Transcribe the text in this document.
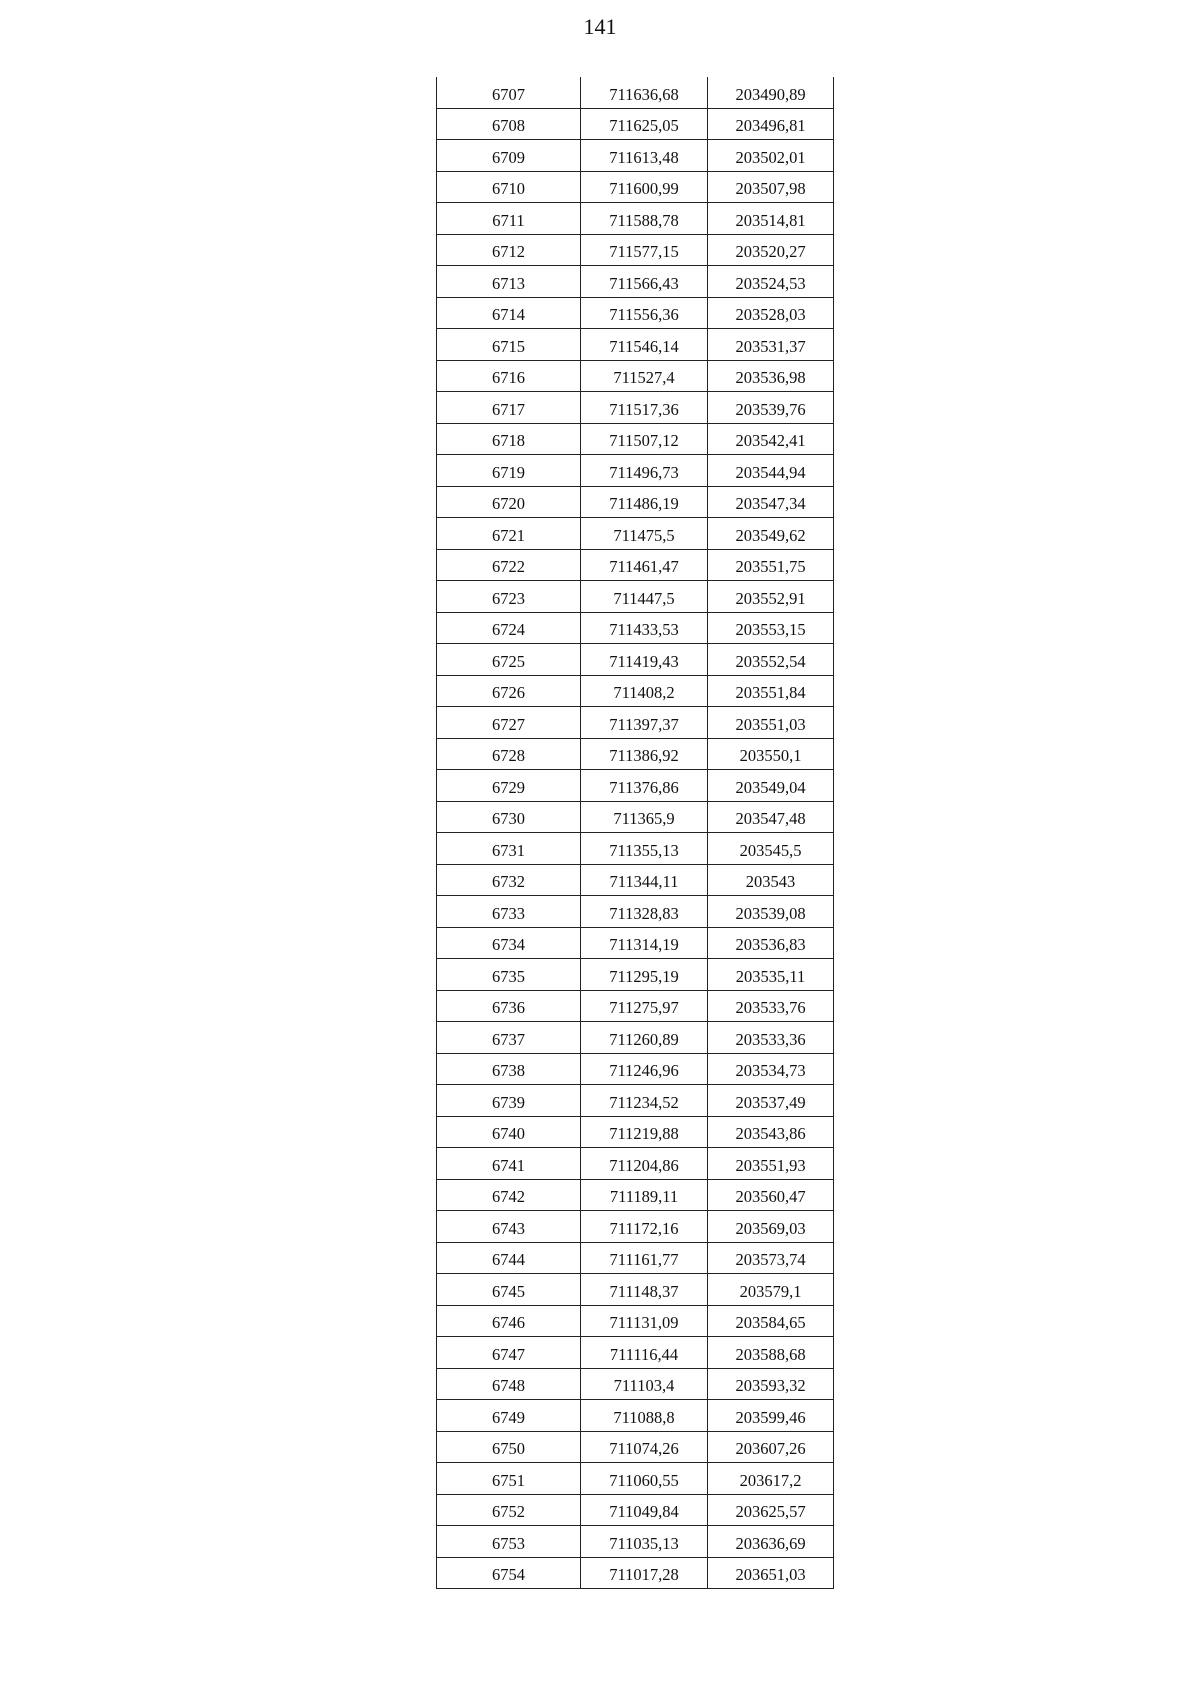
141
6707	711636,68	203490,89
6708	711625,05	203496,81
6709	711613,48	203502,01
6710	711600,99	203507,98
6711	711588,78	203514,81
6712	711577,15	203520,27
6713	711566,43	203524,53
6714	711556,36	203528,03
6715	711546,14	203531,37
6716	711527,4	203536,98
6717	711517,36	203539,76
6718	711507,12	203542,41
6719	711496,73	203544,94
6720	711486,19	203547,34
6721	711475,5	203549,62
6722	711461,47	203551,75
6723	711447,5	203552,91
6724	711433,53	203553,15
6725	711419,43	203552,54
6726	711408,2	203551,84
6727	711397,37	203551,03
6728	711386,92	203550,1
6729	711376,86	203549,04
6730	711365,9	203547,48
6731	711355,13	203545,5
6732	711344,11	203543
6733	711328,83	203539,08
6734	711314,19	203536,83
6735	711295,19	203535,11
6736	711275,97	203533,76
6737	711260,89	203533,36
6738	711246,96	203534,73
6739	711234,52	203537,49
6740	711219,88	203543,86
6741	711204,86	203551,93
6742	711189,11	203560,47
6743	711172,16	203569,03
6744	711161,77	203573,74
6745	711148,37	203579,1
6746	711131,09	203584,65
6747	711116,44	203588,68
6748	711103,4	203593,32
6749	711088,8	203599,46
6750	711074,26	203607,26
6751	711060,55	203617,2
6752	711049,84	203625,57
6753	711035,13	203636,69
6754	711017,28	203651,03
